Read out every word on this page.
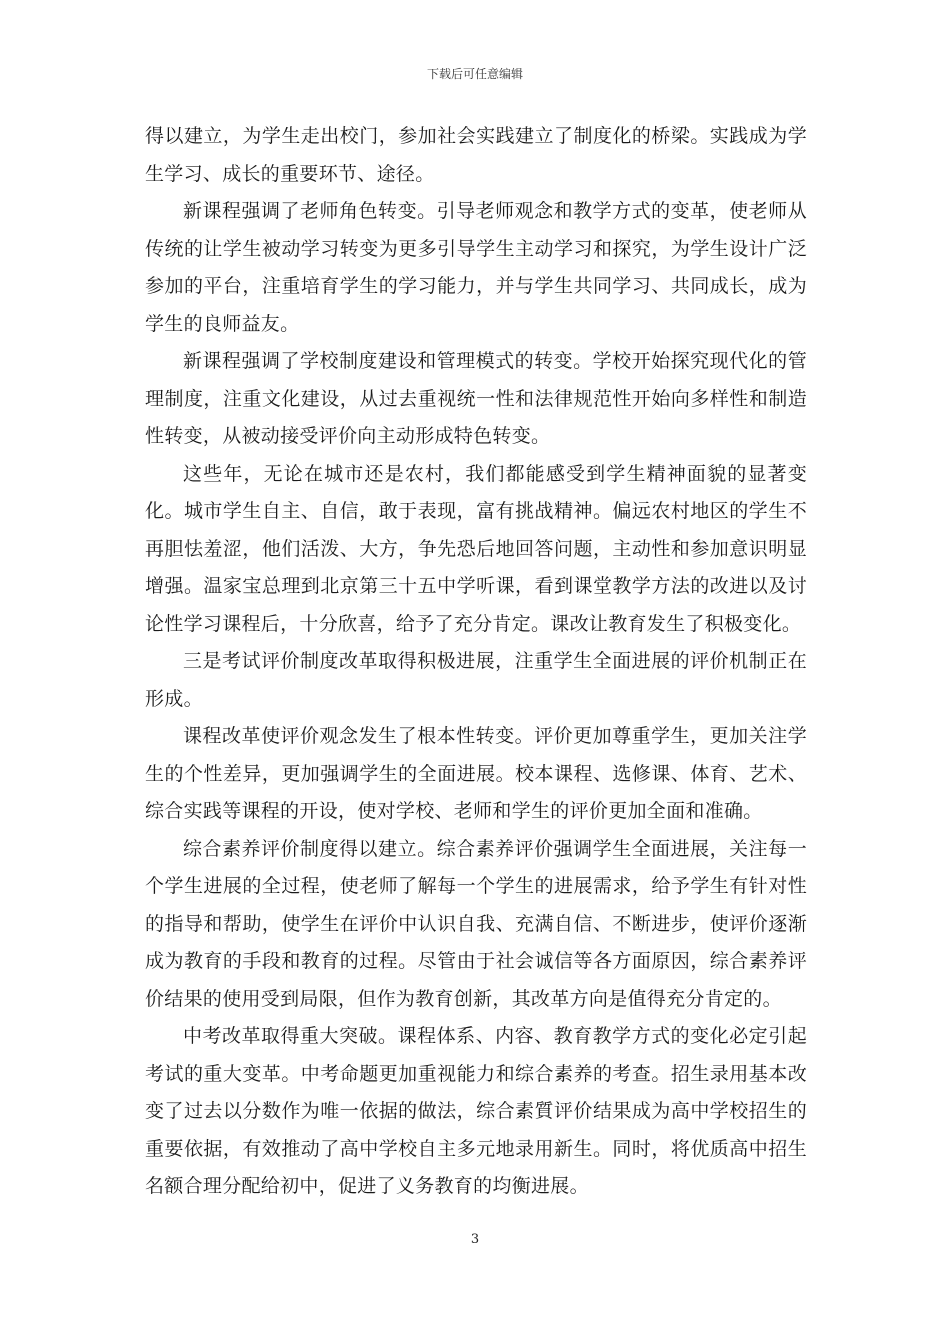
下载后可任意编辑

得以建立，为学生走出校门，参加社会实践建立了制度化的桥梁。实践成为学生学习、成长的重要环节、途径。

新课程强调了老师角色转变。引导老师观念和教学方式的变革，使老师从传统的让学生被动学习转变为更多引导学生主动学习和探究，为学生设计广泛参加的平台，注重培育学生的学习能力，并与学生共同学习、共同成长，成为学生的良师益友。

新课程强调了学校制度建设和管理模式的转变。学校开始探究现代化的管理制度，注重文化建设，从过去重视统一性和法律规范性开始向多样性和制造性转变，从被动接受评价向主动形成特色转变。

这些年，无论在城市还是农村，我们都能感受到学生精神面貌的显著变化。城市学生自主、自信，敢于表现，富有挑战精神。偏远农村地区的学生不再胆怯羞涩，他们活泼、大方，争先恐后地回答问题，主动性和参加意识明显增强。温家宝总理到北京第三十五中学听课，看到课堂教学方法的改进以及讨论性学习课程后，十分欣喜，给予了充分肯定。课改让教育发生了积极变化。

三是考试评价制度改革取得积极进展，注重学生全面进展的评价机制正在形成。

课程改革使评价观念发生了根本性转变。评价更加尊重学生，更加关注学生的个性差异，更加强调学生的全面进展。校本课程、选修课、体育、艺术、综合实践等课程的开设，使对学校、老师和学生的评价更加全面和准确。

综合素养评价制度得以建立。综合素养评价强调学生全面进展，关注每一个学生进展的全过程，使老师了解每一个学生的进展需求，给予学生有针对性的指导和帮助，使学生在评价中认识自我、充满自信、不断进步，使评价逐渐成为教育的手段和教育的过程。尽管由于社会诚信等各方面原因，综合素养评价结果的使用受到局限，但作为教育创新，其改革方向是值得充分肯定的。

中考改革取得重大突破。课程体系、内容、教育教学方式的变化必定引起考试的重大变革。中考命题更加重视能力和综合素养的考查。招生录用基本改变了过去以分数作为唯一依据的做法，综合素質评价结果成为高中学校招生的重要依据，有效推动了高中学校自主多元地录用新生。同时，将优质高中招生名额合理分配给初中，促进了义务教育的均衡进展。

3
